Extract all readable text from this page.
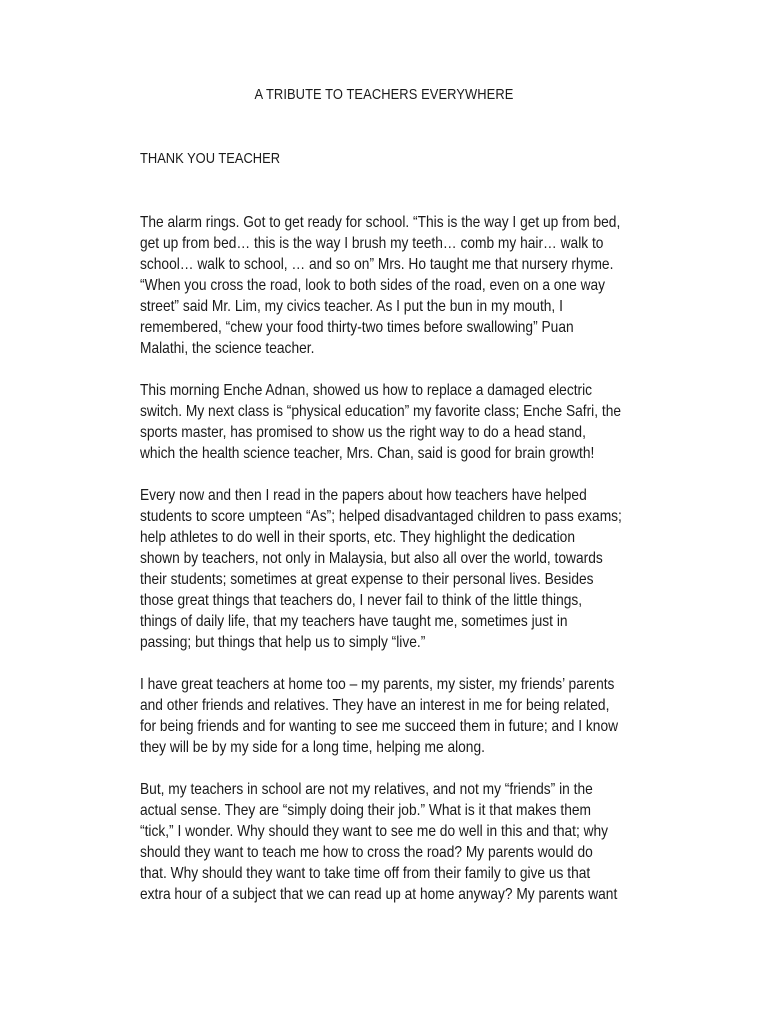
A TRIBUTE TO TEACHERS EVERYWHERE
THANK YOU TEACHER
The alarm rings. Got to get ready for school. “This is the way I get up from bed,
get up from bed… this is the way I brush my teeth… comb my hair… walk to
school… walk to school, … and so on” Mrs. Ho taught me that nursery rhyme.
“When you cross the road, look to both sides of the road, even on a one way
street” said Mr. Lim, my civics teacher. As I put the bun in my mouth, I
remembered, “chew your food thirty-two times before swallowing” Puan
Malathi, the science teacher.
This morning Enche Adnan, showed us how to replace a damaged electric
switch. My next class is “physical education” my favorite class; Enche Safri, the
sports master, has promised to show us the right way to do a head stand,
which the health science teacher, Mrs. Chan, said is good for brain growth!
Every now and then I read in the papers about how teachers have helped
students to score umpteen “As”; helped disadvantaged children to pass exams;
help athletes to do well in their sports, etc. They highlight the dedication
shown by teachers, not only in Malaysia, but also all over the world, towards
their students; sometimes at great expense to their personal lives. Besides
those great things that teachers do, I never fail to think of the little things,
things of daily life, that my teachers have taught me, sometimes just in
passing; but things that help us to simply “live.”
I have great teachers at home too – my parents, my sister, my friends’ parents
and other friends and relatives. They have an interest in me for being related,
for being friends and for wanting to see me succeed them in future; and I know
they will be by my side for a long time, helping me along.
But, my teachers in school are not my relatives, and not my “friends” in the
actual sense. They are “simply doing their job.” What is it that makes them
“tick,” I wonder. Why should they want to see me do well in this and that; why
should they want to teach me how to cross the road? My parents would do
that. Why should they want to take time off from their family to give us that
extra hour of a subject that we can read up at home anyway? My parents want
